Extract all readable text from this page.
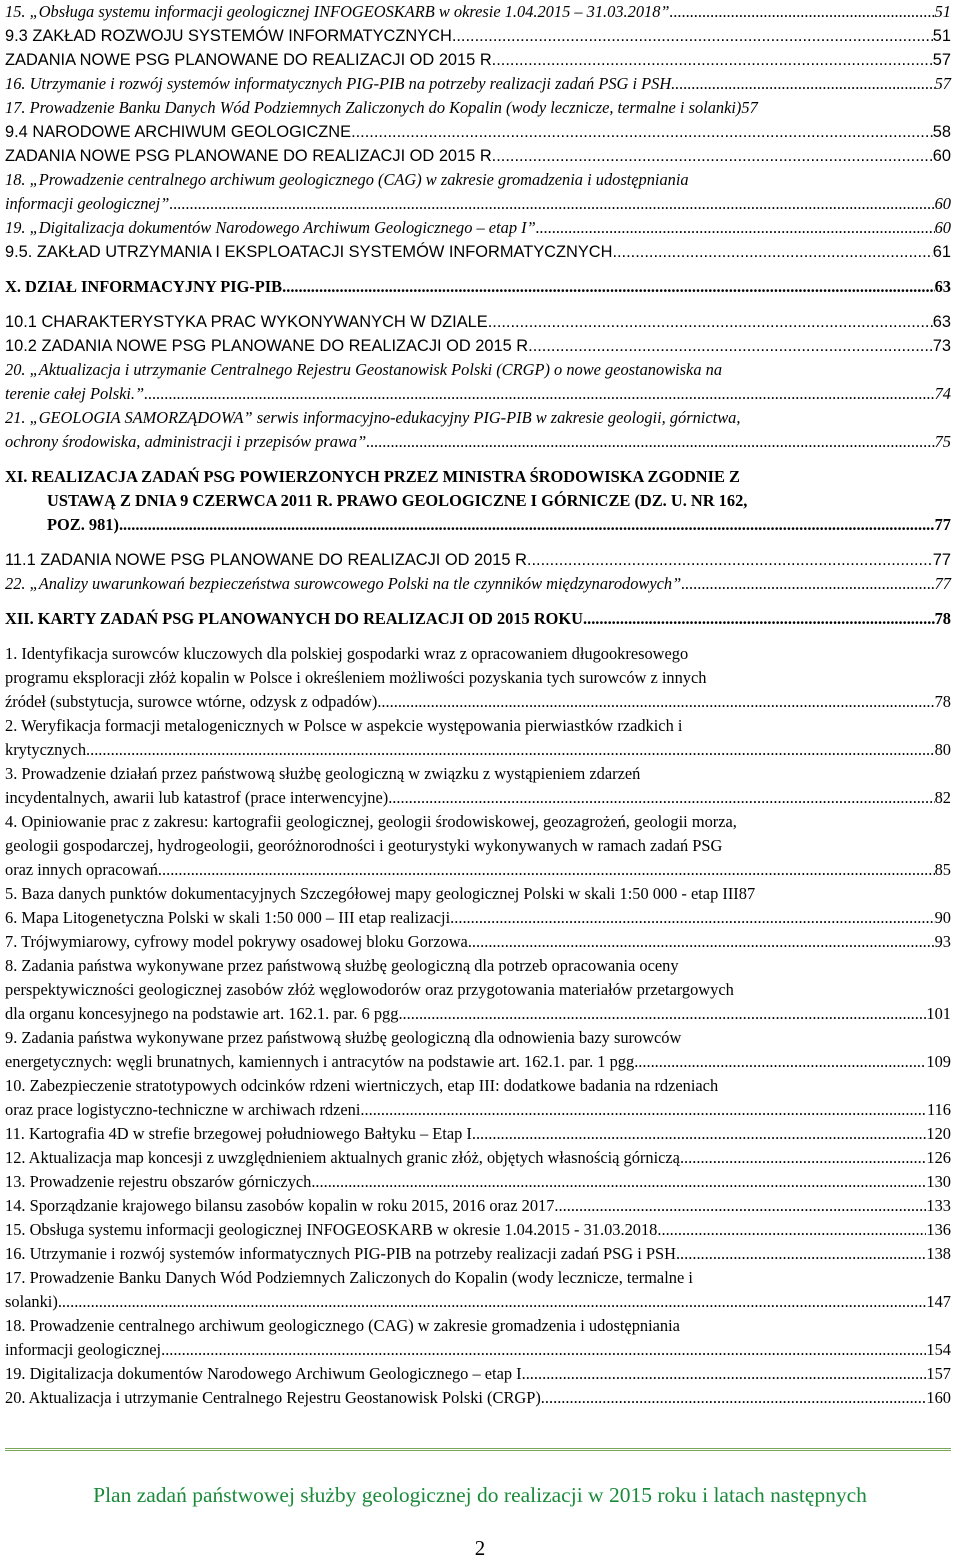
15. „Obsługa systemu informacji geologicznej INFOGEOSKARB w okresie 1.04.2015 – 31.03.2018” .....	51
9.3 ZAKŁAD ROZWOJU SYSTEMÓW INFORMATYCZNYCH .....	51
ZADANIA NOWE PSG PLANOWANE DO REALIZACJI OD 2015 R. .....	57
16. Utrzymanie i rozwój systemów informatycznych PIG-PIB na potrzeby realizacji zadań PSG i PSH. .....	57
17. Prowadzenie Banku Danych Wód Podziemnych Zaliczonych do Kopalin (wody lecznicze, termalne i solanki) 57
9.4 NARODOWE ARCHIWUM GEOLOGICZNE .....	58
ZADANIA NOWE PSG PLANOWANE DO REALIZACJI OD 2015 R. .....	60
18. „Prowadzenie centralnego archiwum geologicznego (CAG) w zakresie gromadzenia i udostępniania
informacji geologicznej” .....	60
19. „Digitalizacja dokumentów Narodowego Archiwum Geologicznego – etap I” .....	60
9.5. ZAKŁAD UTRZYMANIA I EKSPLOATACJI SYSTEMÓW INFORMATYCZNYCH .....	61
X. DZIAŁ INFORMACYJNY PIG-PIB .....	63
10.1 CHARAKTERYSTYKA PRAC WYKONYWANYCH W DZIALE .....	63
10.2 ZADANIA NOWE PSG PLANOWANE DO REALIZACJI OD 2015 R. .....	73
20. „Aktualizacja i utrzymanie Centralnego Rejestru Geostanowisk Polski (CRGP) o nowe geostanowiska na
terenie całej Polski.” .....	74
21. „GEOLOGIA SAMORZĄDOWA” serwis informacyjno-edukacyjny PIG-PIB w zakresie geologii, górnictwa,
ochrony środowiska, administracji i przepisów prawa”. .....	75
XI. REALIZACJA ZADAŃ PSG POWIERZONYCH PRZEZ MINISTRA ŚRODOWISKA ZGODNIE Z
USTAWĄ Z DNIA 9 CZERWCA 2011 R. PRAWO GEOLOGICZNE I GÓRNICZE (DZ. U. NR 162,
POZ. 981) .....	77
11.1 ZADANIA NOWE PSG PLANOWANE DO REALIZACJI OD 2015 R. .....	77
22. „Analizy uwarunkowań bezpieczeństwa surowcowego Polski na tle czynników międzynarodowych” .....	77
XII. KARTY ZADAŃ PSG PLANOWANYCH DO REALIZACJI OD 2015 ROKU. .....	78
1. Identyfikacja surowców kluczowych dla polskiej gospodarki wraz z opracowaniem długookresowego
programu eksploracji złóż kopalin w Polsce i określeniem możliwości pozyskania tych surowców z innych
źródeł (substytucja, surowce wtórne, odzysk z odpadów) .....	78
2. Weryfikacja formacji metalogenicznych w Polsce w aspekcie występowania pierwiastków rzadkich i
krytycznych .....	80
3. Prowadzenie działań przez państwową służbę geologiczną w związku z wystąpieniem zdarzeń
incydentalnych, awarii lub katastrof (prace interwencyjne) .....	82
4. Opiniowanie prac z zakresu: kartografii geologicznej, geologii środowiskowej, geozagrożeń, geologii morza,
geologii gospodarczej, hydrogeologii, georóżnorodności i geoturystyki wykonywanych w ramach zadań PSG
oraz innych opracowań. .....	85
5. Baza danych punktów dokumentacyjnych Szczegółowej mapy geologicznej Polski w skali 1:50 000 - etap III 87
6. Mapa Litogenetyczna Polski w skali 1:50 000 – III etap realizacji. .....	90
7. Trójwymiarowy, cyfrowy model pokrywy osadowej bloku Gorzowa. .....	93
8. Zadania państwa wykonywane przez państwową służbę geologiczną dla potrzeb opracowania oceny
perspektywiczności geologicznej zasobów złóż węglowodorów oraz przygotowania materiałów przetargowych
dla organu koncesyjnego na podstawie art. 162.1. par. 6 pgg .....	101
9. Zadania państwa wykonywane przez państwową służbę geologiczną dla odnowienia bazy surowców
energetycznych: węgli brunatnych, kamiennych i antracytów na podstawie art. 162.1. par. 1 pgg .....	109
10. Zabezpieczenie stratotypowych odcinków rdzeni wiertniczych, etap III: dodatkowe badania na rdzeniach
oraz prace logistyczno-techniczne w archiwach rdzeni .....	116
11. Kartografia 4D w strefie brzegowej południowego Bałtyku – Etap I .....	120
12. Aktualizacja map koncesji z uwzględnieniem aktualnych granic złóż, objętych własnością górniczą .....	126
13. Prowadzenie rejestru obszarów górniczych .....	130
14. Sporządzanie krajowego bilansu zasobów kopalin w roku 2015, 2016 oraz 2017 .....	133
15. Obsługa systemu informacji geologicznej INFOGEOSKARB w okresie 1.04.2015 - 31.03.2018 .....	136
16. Utrzymanie i rozwój systemów informatycznych PIG-PIB na potrzeby realizacji zadań PSG i PSH. .....	138
17. Prowadzenie Banku Danych Wód Podziemnych Zaliczonych do Kopalin (wody lecznicze, termalne i
solanki) .....	147
18. Prowadzenie centralnego archiwum geologicznego (CAG) w zakresie gromadzenia i udostępniania
informacji geologicznej .....	154
19. Digitalizacja dokumentów Narodowego Archiwum Geologicznego – etap I .....	157
20. Aktualizacja i utrzymanie Centralnego Rejestru Geostanowisk Polski (CRGP) .....	160
Plan zadań państwowej służby geologicznej do realizacji w 2015 roku i latach następnych
2
